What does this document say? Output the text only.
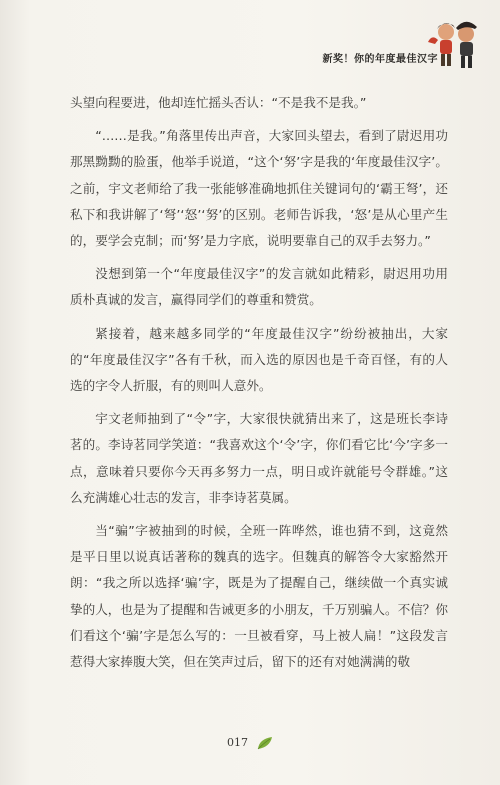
新奖！你的年度最佳汉字

头望向程要进，他却连忙摇头否认：“不是我不是我。”

“……是我。”角落里传出声音，大家回头望去，看到了尉迟用功那黑黝黝的脸蛋，他举手说道，“这个‘努’字是我的‘年度最佳汉字’。之前，宇文老师给了我一张能够准确地抓住关键词句的‘霸王弩’，还私下和我讲解了‘弩’‘怒’‘努’的区别。老师告诉我，‘怒’是从心里产生的，要学会克制；而‘努’是力字底，说明要靠自己的双手去努力。”

没想到第一个“年度最佳汉字”的发言就如此精彩，尉迟用功用质朴真诚的发言，赢得同学们的尊重和赞赏。

紧接着，越来越多同学的“年度最佳汉字”纷纷被抽出，大家的“年度最佳汉字”各有千秋，而入选的原因也是千奇百怪，有的人选的字令人折服，有的则叫人意外。

宇文老师抽到了“令”字，大家很快就猜出来了，这是班长李诗茗的。李诗茗同学笑道：“我喜欢这个‘令’字，你们看它比‘今’字多一点，意味着只要你今天再多努力一点，明日或许就能号令群雄。”这么充满雄心壮志的发言，非李诗茗莫属。

当“骗”字被抽到的时候，全班一阵哗然，谁也猜不到，这竟然是平日里以说真话著称的魏真的选字。但魏真的解答令大家豁然开朗：“我之所以选择‘骗’字，既是为了提醒自己，继续做一个真实诚挚的人，也是为了提醒和告诫更多的小朋友，千万别骗人。不信？你们看这个‘骗’字是怎么写的：一旦被看穿，马上被人扁！”这段发言惹得大家捧腹大笑，但在笑声过后，留下的还有对她满满的敬

017
